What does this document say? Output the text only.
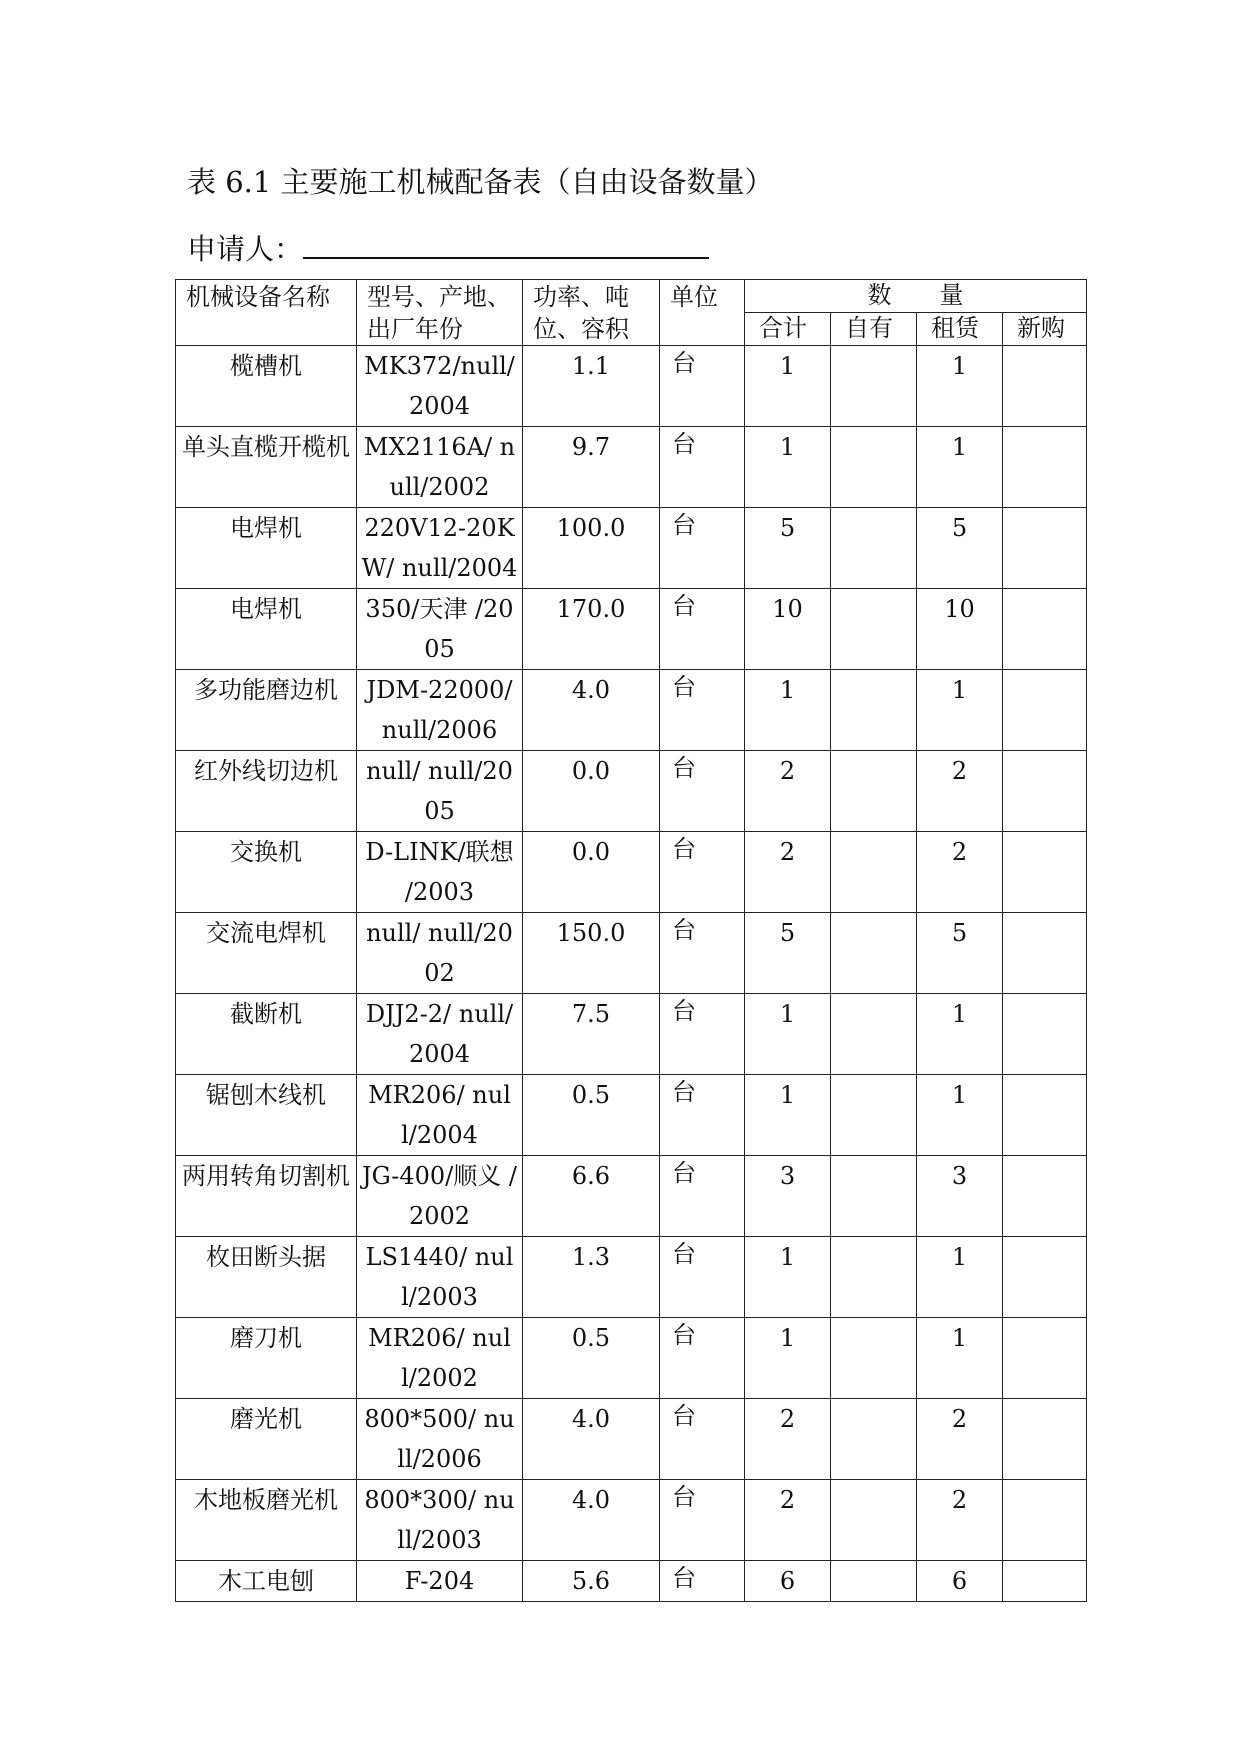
表 6.1 主要施工机械配备表（自由设备数量）
申请人：
机械设备名称	型号、产地、出厂年份	功率、吨位、容积	单位	数　　量			
				合计	自有	租赁	新购
榄槽机	MK372/null/2004	1.1	台	1		1	
单头直榄开榄机	MX2116A/ null/2002	9.7	台	1		1	
电焊机	220V12-20KW/ null/2004	100.0	台	5		5	
电焊机	350/天津 /2005	170.0	台	10		10	
多功能磨边机	JDM-22000/ null/2006	4.0	台	1		1	
红外线切边机	null/ null/2005	0.0	台	2		2	
交换机	D-LINK/联想 /2003	0.0	台	2		2	
交流电焊机	null/ null/2002	150.0	台	5		5	
截断机	DJJ2-2/ null/2004	7.5	台	1		1	
锯刨木线机	MR206/ null/2004	0.5	台	1		1	
两用转角切割机	JG-400/顺义 /2002	6.6	台	3		3	
枚田断头据	LS1440/ null/2003	1.3	台	1		1	
磨刀机	MR206/ null/2002	0.5	台	1		1	
磨光机	800*500/ null/2006	4.0	台	2		2	
木地板磨光机	800*300/ null/2003	4.0	台	2		2	
木工电刨	F-204	5.6	台	6		6	
